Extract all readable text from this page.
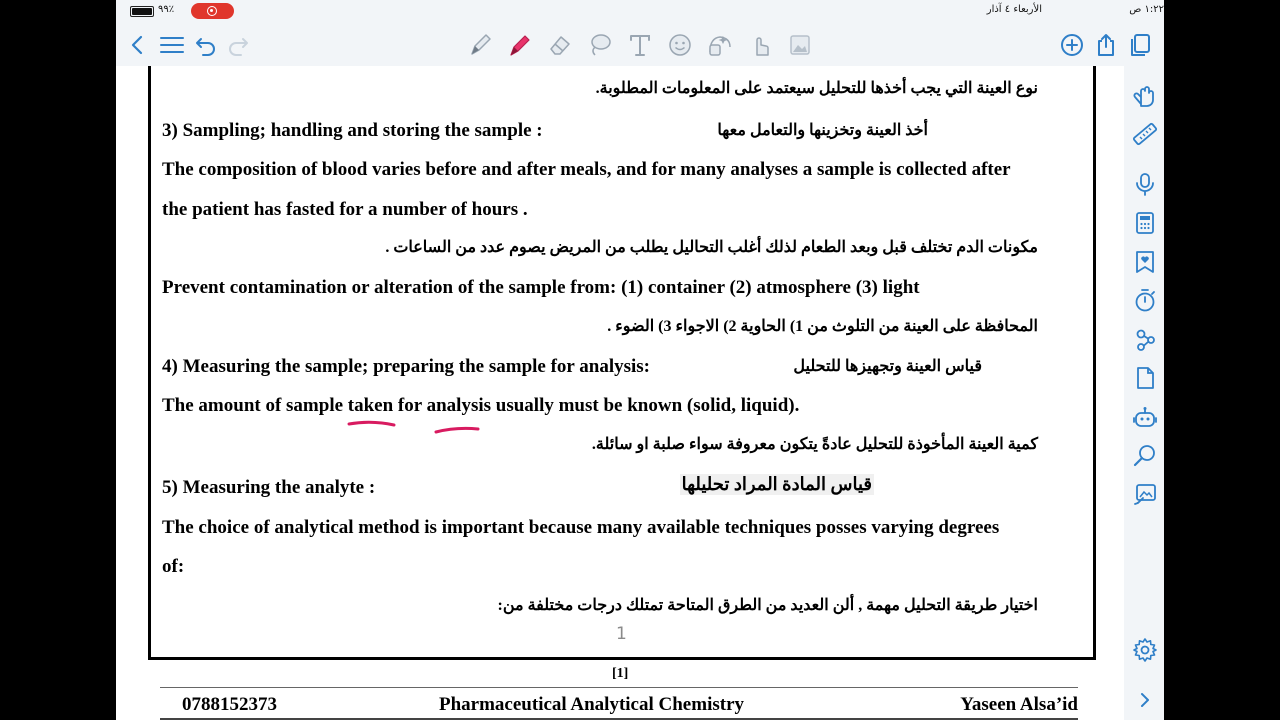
٩٩٪	الأربعاء ٤ آذار	١:٢٢ ص
نوع العينة التي يجب أخذها للتحليل سيعتمد على المعلومات المطلوبة.
3) Sampling; handling and storing the sample :	أخذ العينة وتخزينها والتعامل معها
The composition of blood varies before and after meals, and for many analyses a sample is collected after
the patient has fasted for a number of hours .
مكونات الدم تختلف قبل وبعد الطعام لذلك أغلب التحاليل يطلب من المريض يصوم عدد من الساعات .
Prevent contamination or alteration of the sample from: (1) container (2) atmosphere (3) light
المحافظة على العينة من التلوث من 1) الحاوية 2) الاجواء 3) الضوء .
4) Measuring the sample; preparing the sample for analysis:	قياس العينة وتجهيزها للتحليل
The amount of sample taken for analysis usually must be known (solid, liquid).
كمية العينة المأخوذة للتحليل عادةً يتكون معروفة سواء صلبة او سائلة.
5) Measuring the analyte :	قياس المادة المراد تحليلها
The choice of analytical method is important because many available techniques posses varying degrees
of:
اختيار طريقة التحليل مهمة , ألن العديد من الطرق المتاحة تمتلك درجات مختلفة من:
1
[1]
0788152373	Pharmaceutical Analytical Chemistry	Yaseen Alsa’id
